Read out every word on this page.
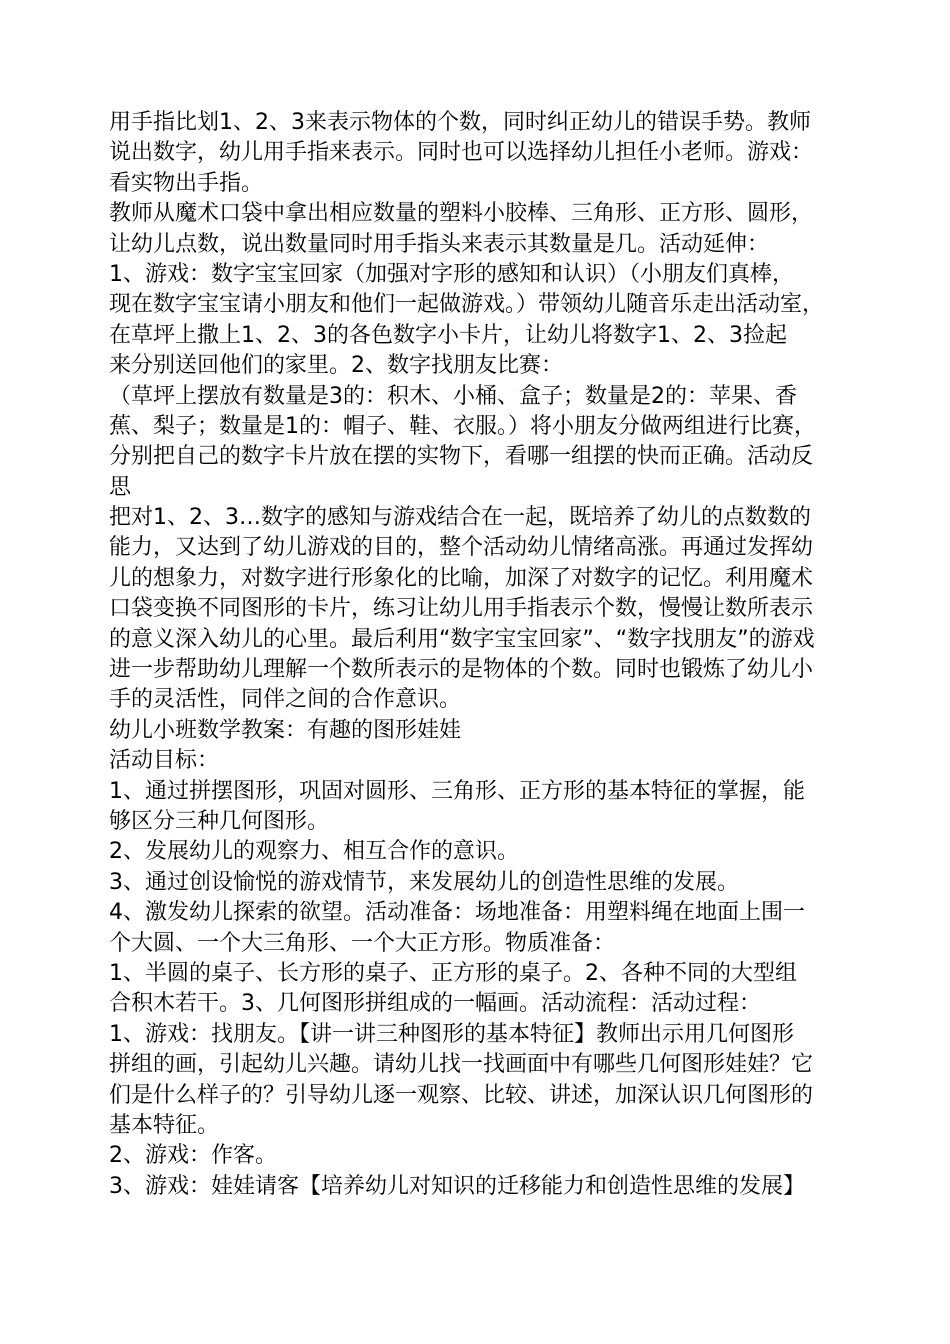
用手指比划1、2、3来表示物体的个数，同时纠正幼儿的错误手势。教师
说出数字，幼儿用手指来表示。同时也可以选择幼儿担任小老师。游戏：
看实物出手指。
教师从魔术口袋中拿出相应数量的塑料小胶棒、三角形、正方形、圆形，
让幼儿点数，说出数量同时用手指头来表示其数量是几。活动延伸：
1、游戏：数字宝宝回家（加强对字形的感知和认识）（小朋友们真棒，
现在数字宝宝请小朋友和他们一起做游戏。）带领幼儿随音乐走出活动室，
在草坪上撒上1、2、3的各色数字小卡片，让幼儿将数字1、2、3捡起
来分别送回他们的家里。2、数字找朋友比赛：
（草坪上摆放有数量是3的：积木、小桶、盒子；数量是2的：苹果、香
蕉、梨子；数量是1的：帽子、鞋、衣服。）将小朋友分做两组进行比赛，
分别把自己的数字卡片放在摆的实物下，看哪一组摆的快而正确。活动反
思
把对1、2、3…数字的感知与游戏结合在一起，既培养了幼儿的点数数的
能力，又达到了幼儿游戏的目的，整个活动幼儿情绪高涨。再通过发挥幼
儿的想象力，对数字进行形象化的比喻，加深了对数字的记忆。利用魔术
口袋变换不同图形的卡片，练习让幼儿用手指表示个数，慢慢让数所表示
的意义深入幼儿的心里。最后利用“数字宝宝回家”、“数字找朋友”的游戏
进一步帮助幼儿理解一个数所表示的是物体的个数。同时也锻炼了幼儿小
手的灵活性，同伴之间的合作意识。
幼儿小班数学教案：有趣的图形娃娃
活动目标：
1、通过拼摆图形，巩固对圆形、三角形、正方形的基本特征的掌握，能
够区分三种几何图形。
2、发展幼儿的观察力、相互合作的意识。
3、通过创设愉悦的游戏情节，来发展幼儿的创造性思维的发展。
4、激发幼儿探索的欲望。活动准备：场地准备：用塑料绳在地面上围一
个大圆、一个大三角形、一个大正方形。物质准备：
1、半圆的桌子、长方形的桌子、正方形的桌子。2、各种不同的大型组
合积木若干。3、几何图形拼组成的一幅画。活动流程：活动过程：
1、游戏：找朋友。【讲一讲三种图形的基本特征】教师出示用几何图形
拼组的画，引起幼儿兴趣。请幼儿找一找画面中有哪些几何图形娃娃？它
们是什么样子的？引导幼儿逐一观察、比较、讲述，加深认识几何图形的
基本特征。
2、游戏：作客。
3、游戏：娃娃请客【培养幼儿对知识的迁移能力和创造性思维的发展】
